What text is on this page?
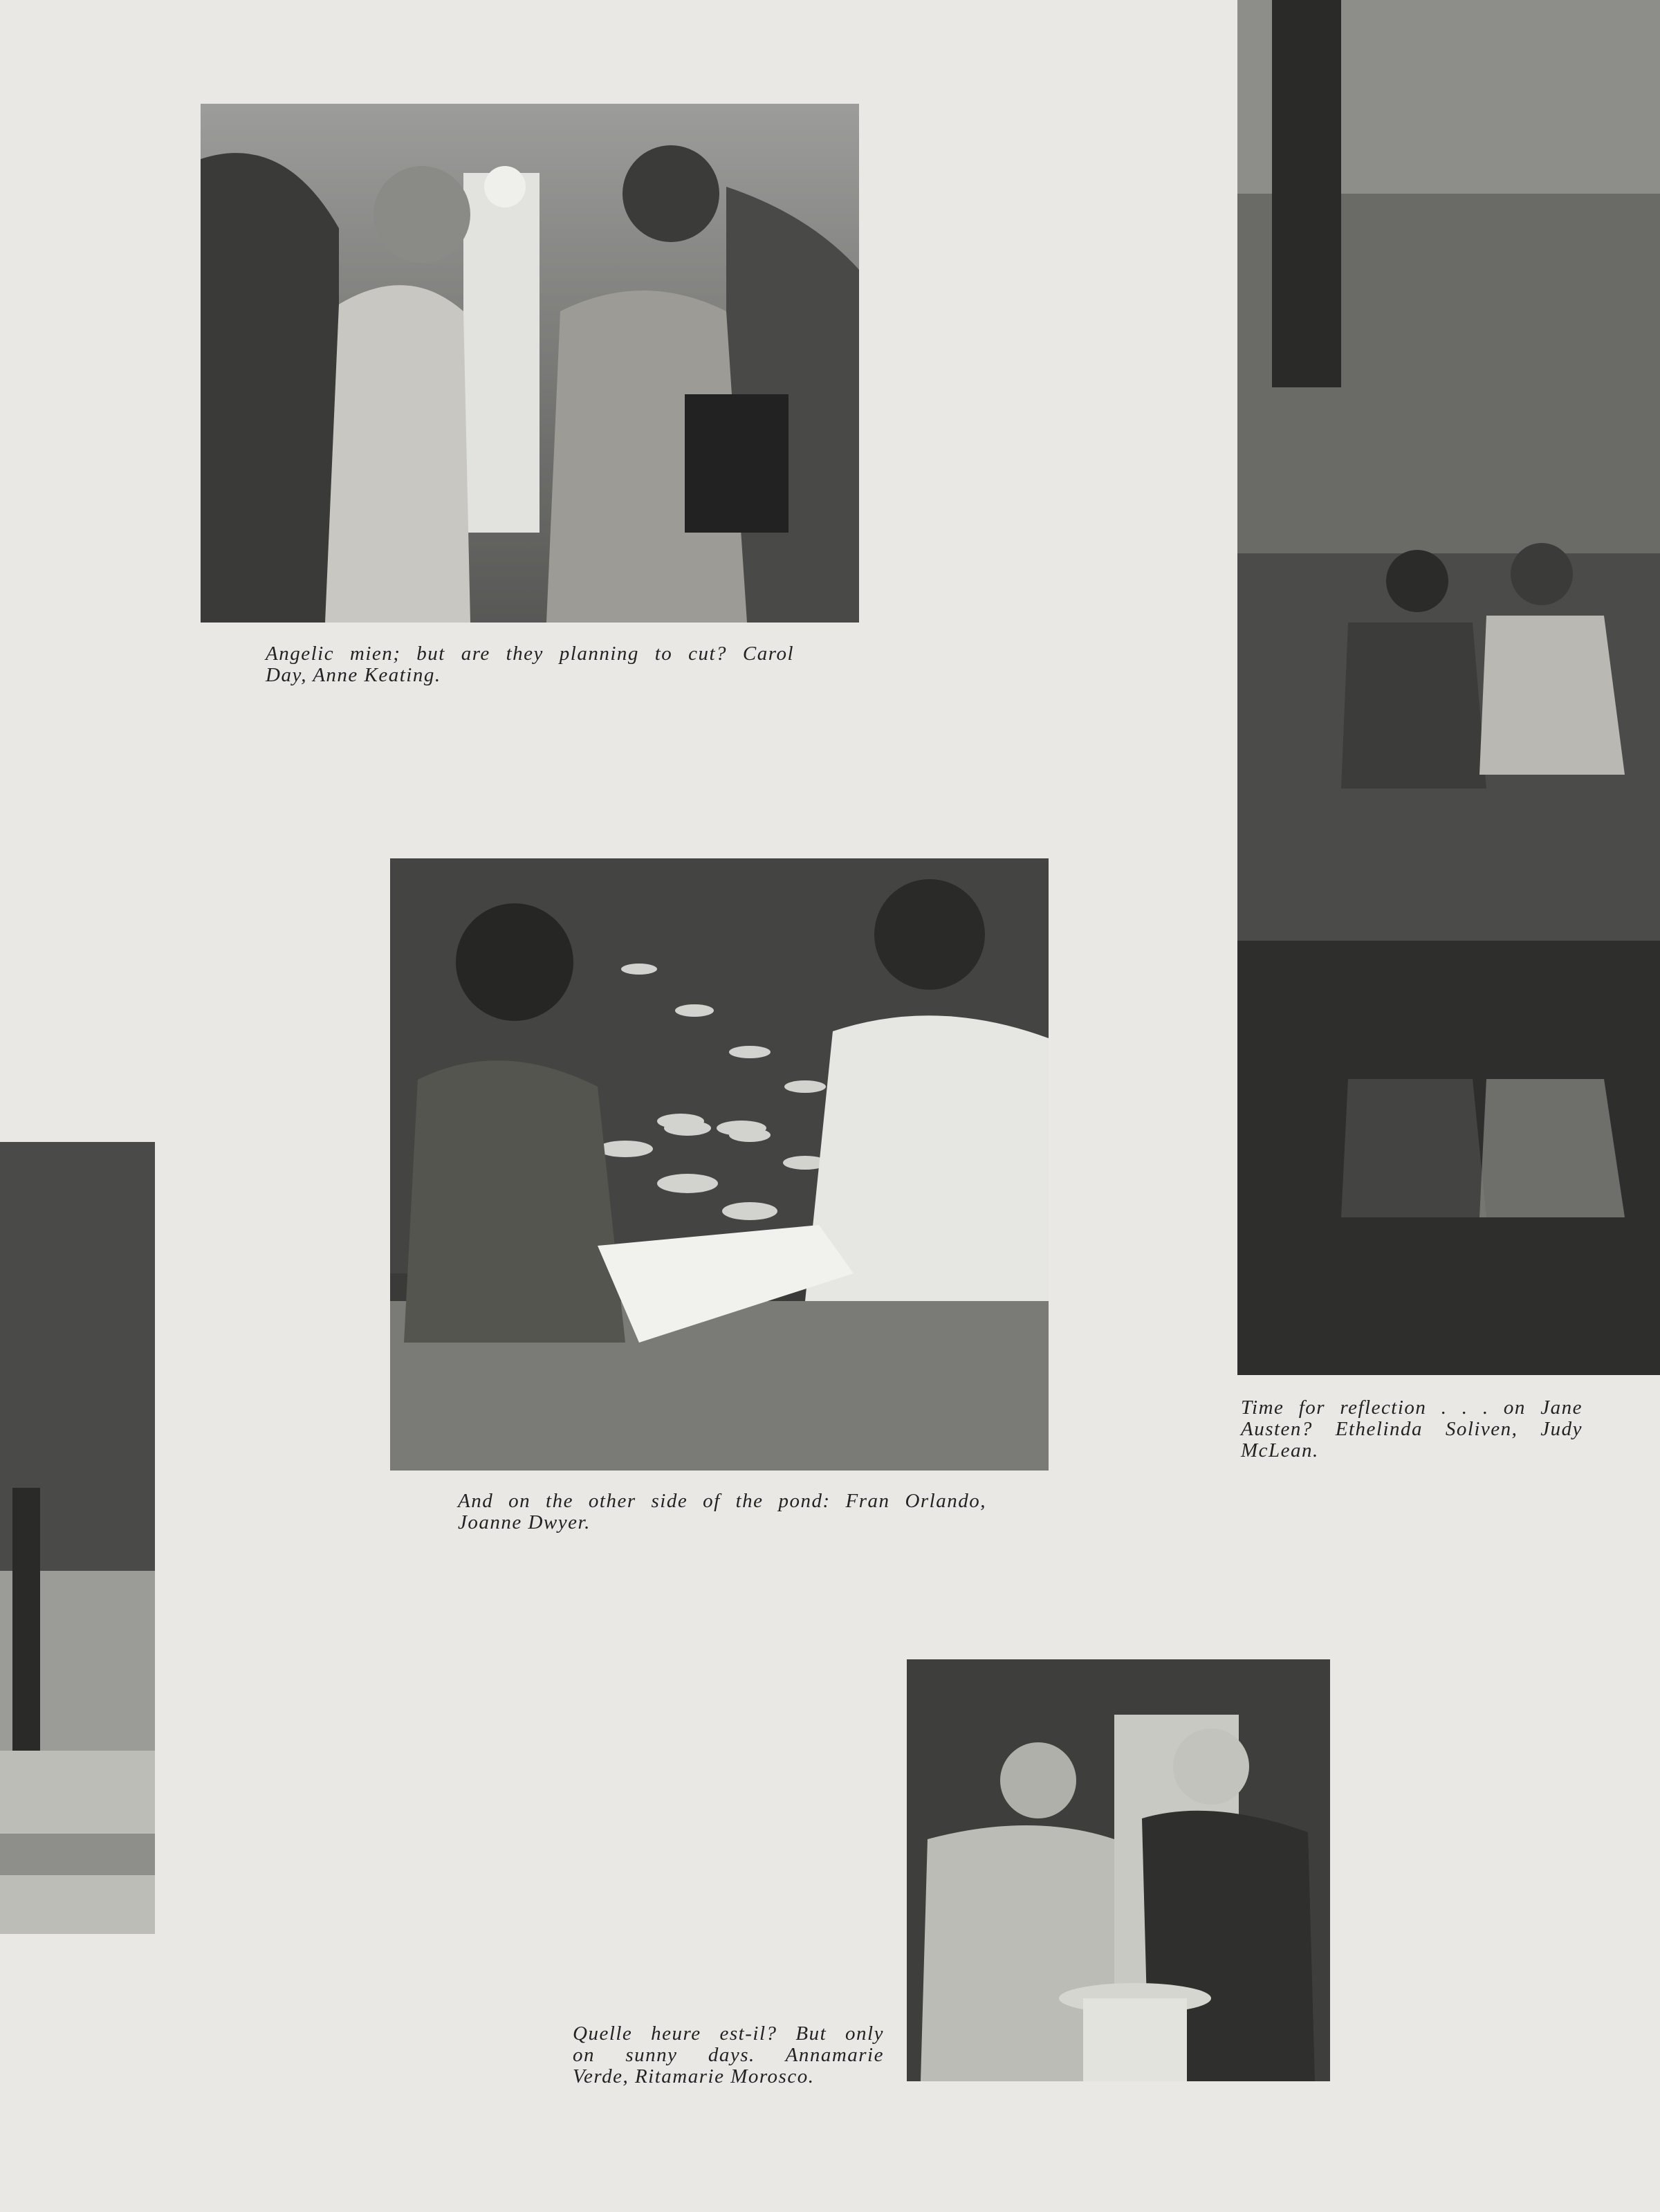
Angelic mien; but are they planning to cut? Carol
Day, Anne Keating.
Time for reflection . . . on Jane
Austen? Ethelinda Soliven, Judy
McLean.
And on the other side of the pond: Fran Orlando,
Joanne Dwyer.
Quelle heure est-il? But only
on sunny days. Annamarie
Verde, Ritamarie Morosco.
